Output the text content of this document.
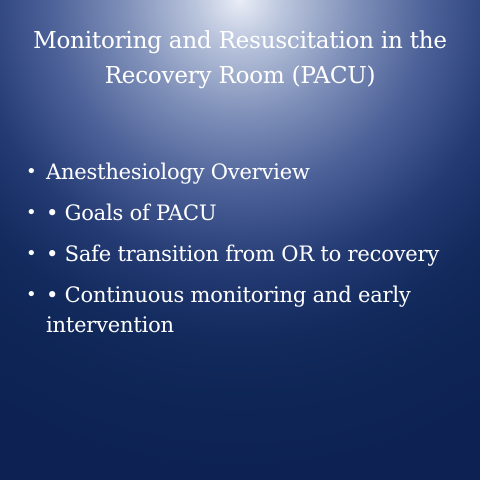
Monitoring and Resuscitation in the
Recovery Room (PACU)
• Anesthesiology Overview
• • Goals of PACU
• • Safe transition from OR to recovery
• • Continuous monitoring and early intervention
